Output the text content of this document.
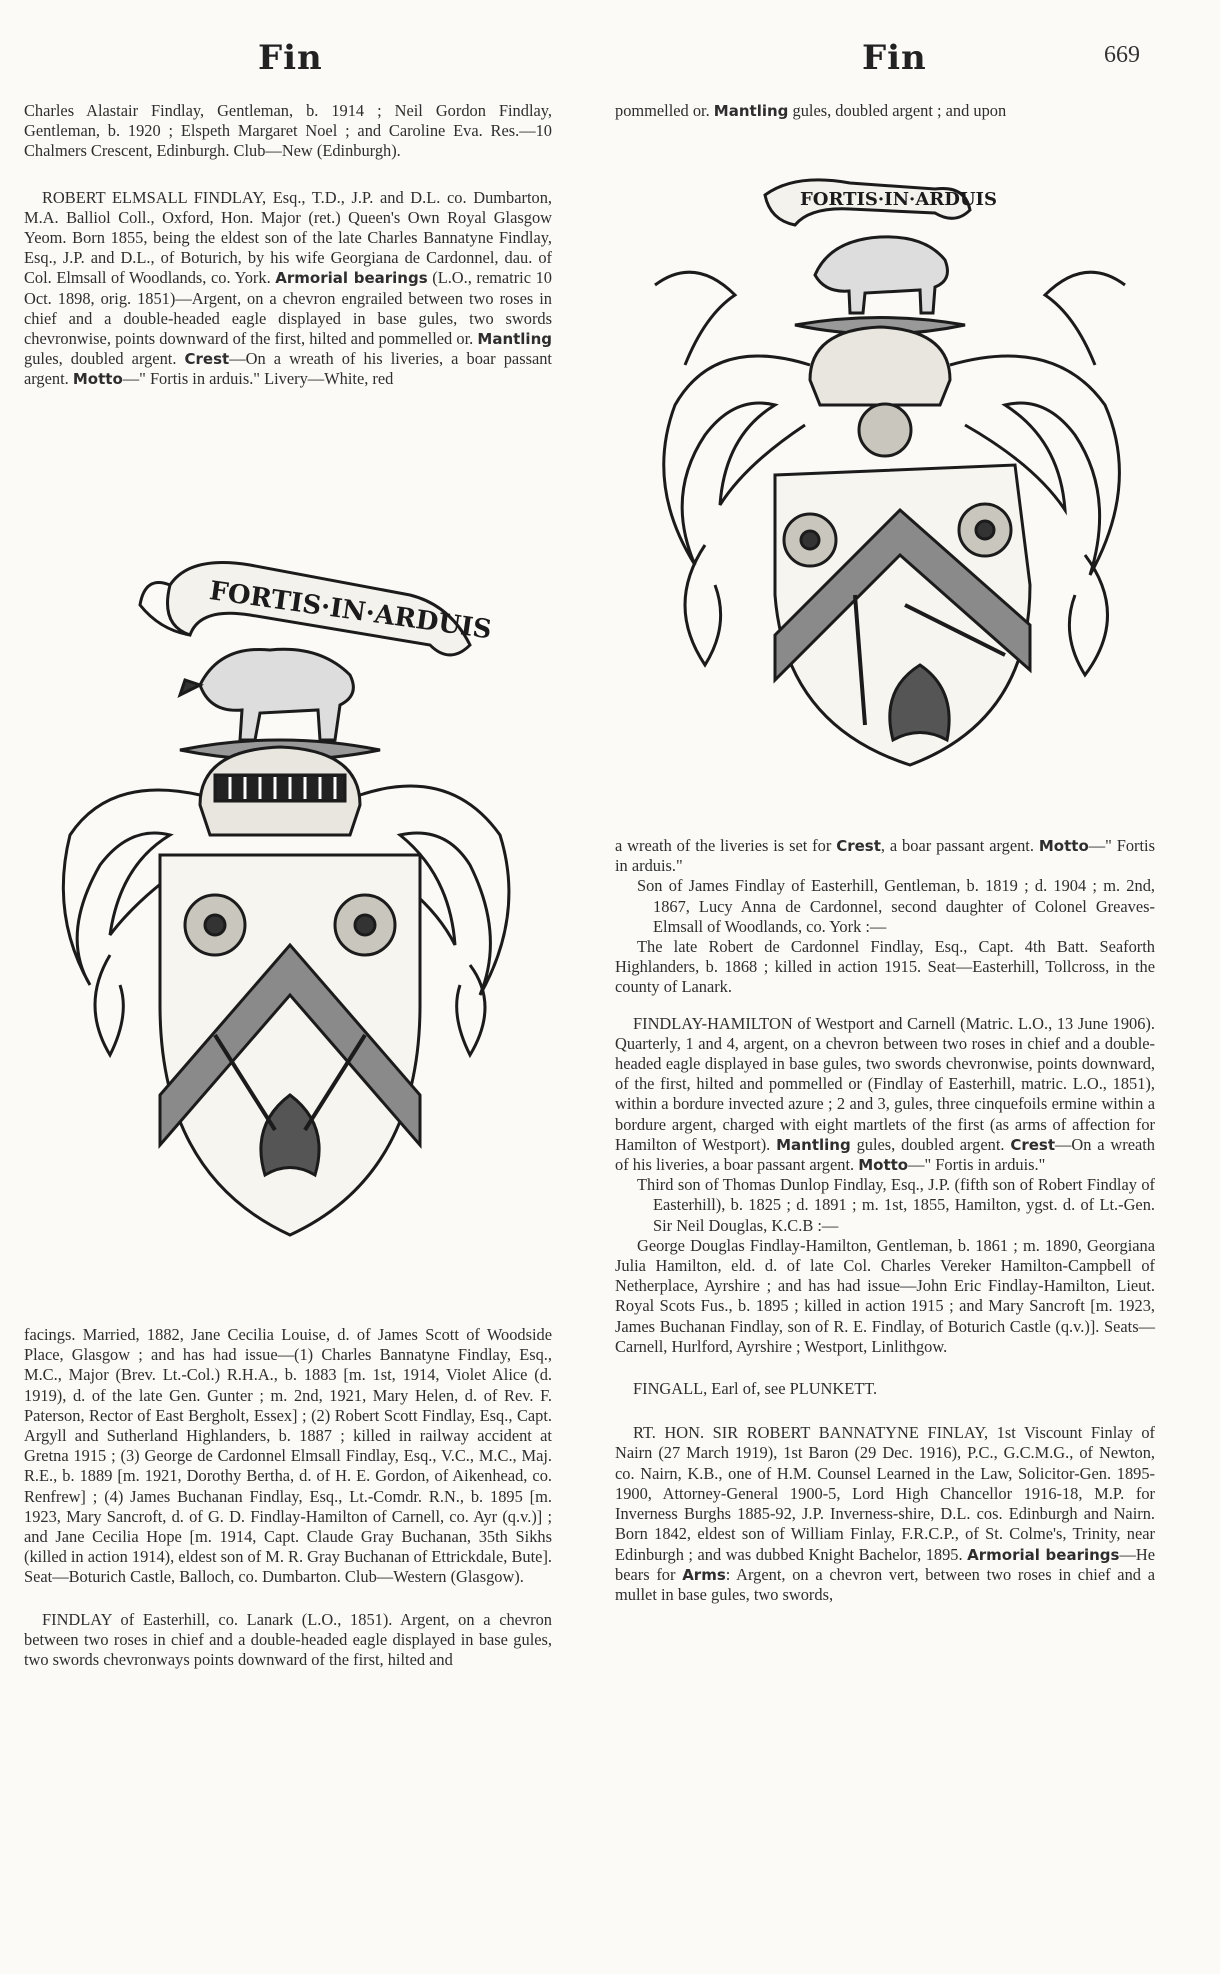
Fin	Fin	669

Charles Alastair Findlay, Gentleman, b. 1914 ; Neil Gordon Findlay, Gentleman, b. 1920 ; Elspeth Margaret Noel ; and Caroline Eva. Res.—10 Chalmers Crescent, Edinburgh. Club—New (Edinburgh).

ROBERT ELMSALL FINDLAY, Esq., T.D., J.P. and D.L. co. Dumbarton, M.A. Balliol Coll., Oxford, Hon. Major (ret.) Queen's Own Royal Glasgow Yeom. Born 1855, being the eldest son of the late Charles Bannatyne Findlay, Esq., J.P. and D.L., of Boturich, by his wife Georgiana de Cardonnel, dau. of Col. Elmsall of Woodlands, co. York. Armorial bearings (L.O., rematric 10 Oct. 1898, orig. 1851)—Argent, on a chevron engrailed between two roses in chief and a double-headed eagle displayed in base gules, two swords chevronwise, points downward of the first, hilted and pommelled or. Mantling gules, doubled argent. Crest—On a wreath of his liveries, a boar passant argent. Motto—" Fortis in arduis." Livery—White, red

FORTIS·IN·ARDUIS

facings. Married, 1882, Jane Cecilia Louise, d. of James Scott of Woodside Place, Glasgow ; and has had issue—(1) Charles Bannatyne Findlay, Esq., M.C., Major (Brev. Lt.-Col.) R.H.A., b. 1883 [m. 1st, 1914, Violet Alice (d. 1919), d. of the late Gen. Gunter ; m. 2nd, 1921, Mary Helen, d. of Rev. F. Paterson, Rector of East Bergholt, Essex] ; (2) Robert Scott Findlay, Esq., Capt. Argyll and Sutherland Highlanders, b. 1887 ; killed in railway accident at Gretna 1915 ; (3) George de Cardonnel Elmsall Findlay, Esq., V.C., M.C., Maj. R.E., b. 1889 [m. 1921, Dorothy Bertha, d. of H. E. Gordon, of Aikenhead, co. Renfrew] ; (4) James Buchanan Findlay, Esq., Lt.-Comdr. R.N., b. 1895 [m. 1923, Mary Sancroft, d. of G. D. Findlay-Hamilton of Carnell, co. Ayr (q.v.)] ; and Jane Cecilia Hope [m. 1914, Capt. Claude Gray Buchanan, 35th Sikhs (killed in action 1914), eldest son of M. R. Gray Buchanan of Ettrickdale, Bute]. Seat—Boturich Castle, Balloch, co. Dumbarton. Club—Western (Glasgow).

FINDLAY of Easterhill, co. Lanark (L.O., 1851). Argent, on a chevron between two roses in chief and a double-headed eagle displayed in base gules, two swords chevronways points downward of the first, hilted and

pommelled or. Mantling gules, doubled argent ; and upon

FORTIS·IN·ARDUIS

a wreath of the liveries is set for Crest, a boar passant argent. Motto—" Fortis in arduis."

Son of James Findlay of Easterhill, Gentleman, b. 1819 ; d. 1904 ; m. 2nd, 1867, Lucy Anna de Cardonnel, second daughter of Colonel Greaves-Elmsall of Woodlands, co. York :—

The late Robert de Cardonnel Findlay, Esq., Capt. 4th Batt. Seaforth Highlanders, b. 1868 ; killed in action 1915. Seat—Easterhill, Tollcross, in the county of Lanark.

FINDLAY-HAMILTON of Westport and Carnell (Matric. L.O., 13 June 1906). Quarterly, 1 and 4, argent, on a chevron between two roses in chief and a double-headed eagle displayed in base gules, two swords chevronwise, points downward, of the first, hilted and pommelled or (Findlay of Easterhill, matric. L.O., 1851), within a bordure invected azure ; 2 and 3, gules, three cinquefoils ermine within a bordure argent, charged with eight martlets of the first (as arms of affection for Hamilton of Westport). Mantling gules, doubled argent. Crest—On a wreath of his liveries, a boar passant argent. Motto—" Fortis in arduis."

Third son of Thomas Dunlop Findlay, Esq., J.P. (fifth son of Robert Findlay of Easterhill), b. 1825 ; d. 1891 ; m. 1st, 1855, Hamilton, ygst. d. of Lt.-Gen. Sir Neil Douglas, K.C.B :—

George Douglas Findlay-Hamilton, Gentleman, b. 1861 ; m. 1890, Georgiana Julia Hamilton, eld. d. of late Col. Charles Vereker Hamilton-Campbell of Netherplace, Ayrshire ; and has had issue—John Eric Findlay-Hamilton, Lieut. Royal Scots Fus., b. 1895 ; killed in action 1915 ; and Mary Sancroft [m. 1923, James Buchanan Findlay, son of R. E. Findlay, of Boturich Castle (q.v.)]. Seats—Carnell, Hurlford, Ayrshire ; Westport, Linlithgow.

FINGALL, Earl of, see PLUNKETT.

RT. HON. SIR ROBERT BANNATYNE FINLAY, 1st Viscount Finlay of Nairn (27 March 1919), 1st Baron (29 Dec. 1916), P.C., G.C.M.G., of Newton, co. Nairn, K.B., one of H.M. Counsel Learned in the Law, Solicitor-Gen. 1895-1900, Attorney-General 1900-5, Lord High Chancellor 1916-18, M.P. for Inverness Burghs 1885-92, J.P. Inverness-shire, D.L. cos. Edinburgh and Nairn. Born 1842, eldest son of William Finlay, F.R.C.P., of St. Colme's, Trinity, near Edinburgh ; and was dubbed Knight Bachelor, 1895. Armorial bearings—He bears for Arms: Argent, on a chevron vert, between two roses in chief and a mullet in base gules, two swords,
